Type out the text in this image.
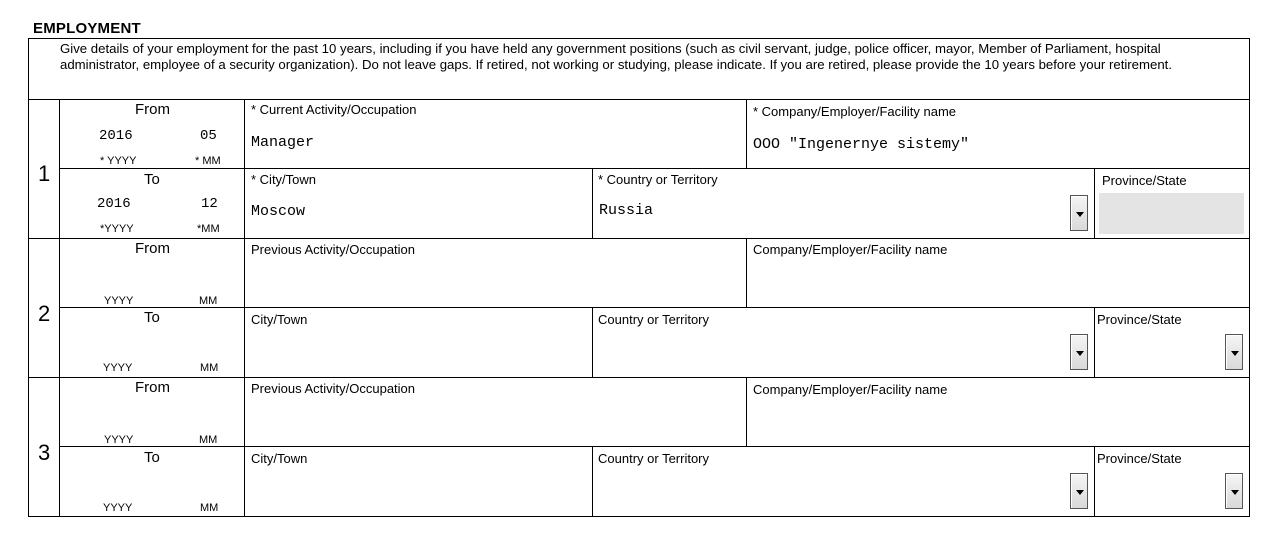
EMPLOYMENT
Give details of your employment for the past 10 years, including if you have held any government positions (such as civil servant, judge, police officer, mayor, Member of Parliament, hospital administrator, employee of a security organization). Do not leave gaps. If retired, not working or studying, please indicate. If you are retired, please provide the 10 years before your retirement.
1
From
2016	05
* YYYY	* MM
To
2016	12
*YYYY	*MM
* Current Activity/Occupation
Manager
* Company/Employer/Facility name
OOO "Ingenernye sistemy"
* City/Town
Moscow
* Country or Territory
Russia
Province/State
2
From
YYYY	MM
To
YYYY	MM
Previous Activity/Occupation	Company/Employer/Facility name
City/Town	Country or Territory	Province/State
3
From
YYYY	MM
To
YYYY	MM
Previous Activity/Occupation	Company/Employer/Facility name
City/Town	Country or Territory	Province/State
